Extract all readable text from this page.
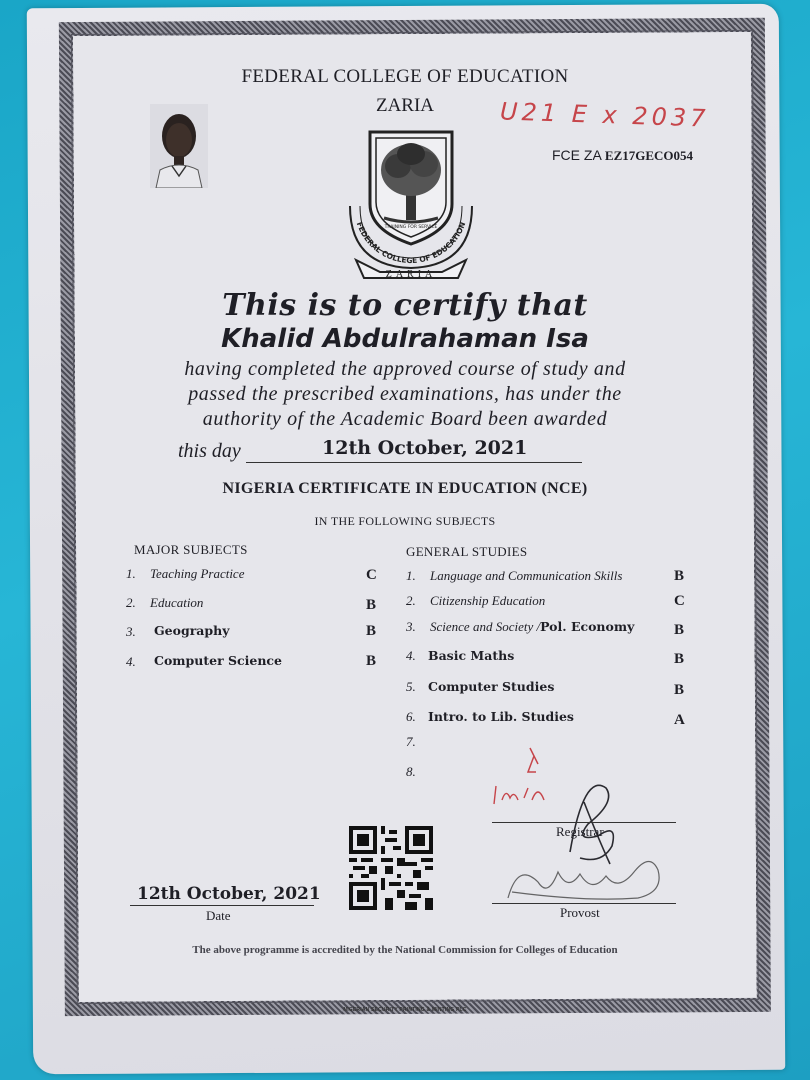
FEDERAL COLLEGE OF EDUCATION
ZARIA	U21 E x 2037
FCE ZA EZ17GECO054
FEDERAL COLLEGE OF EDUCATION
TRAINING FOR SERVICE
ZARIA
This is to certify that
Khalid Abdulrahaman Isa
having completed the approved course of study and
passed the prescribed examinations, has under the
authority of the Academic Board been awarded
this day	12th October, 2021
NIGERIA CERTIFICATE IN EDUCATION (NCE)
IN THE FOLLOWING SUBJECTS
MAJOR SUBJECTS
1. Teaching Practice	C
2. Education	B
3. Geography	B
4. Computer Science	B
GENERAL STUDIES
1. Language and Communication Skills	B
2. Citizenship Education	C
3. Science and Society /Pol. Economy	B
4. Basic Maths	B
5. Computer Studies	B
6. Intro. to Lib. Studies	A
7.
8.
Registrar
12th October, 2021
Date	Provost
The above programme is accredited by the National Commission for Colleges of Education
NIGERIAN SECURITY PRINTING & MINTING PLC
